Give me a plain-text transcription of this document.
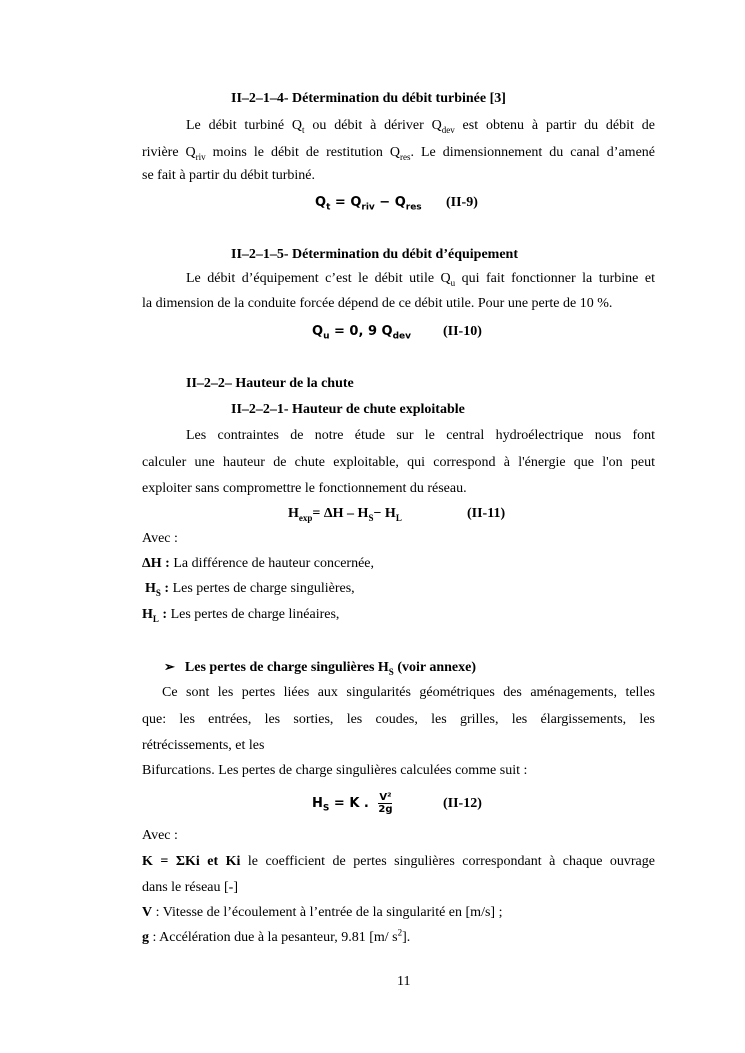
II–2–1–4- Détermination du débit turbinée [3]
Le débit turbiné $Q_t$ ou débit à dériver $Q_{dev}$ est obtenu à partir du débit de
rivière $Q_{riv}$ moins le débit de restitution $Q_{res}$. Le dimensionnement du canal d’amené
se fait à partir du débit turbiné.
$Q_t = Q_{riv} - Q_{res}$ (II-9)
II–2–1–5- Détermination du débit d’équipement
Le débit d’équipement c’est le débit utile $Q_u$ qui fait fonctionner la turbine et
la dimension de la conduite forcée dépend de ce débit utile. Pour une perte de 10 %.
$Q_u = 0$, 9 $Q_{dev}$ (II-10)
II–2–2– Hauteur de la chute
II–2–2–1- Hauteur de chute exploitable
Les contraintes de notre étude sur le central hydroélectrique nous font
calculer une hauteur de chute exploitable, qui correspond à l'énergie que l'on peut
exploiter sans compromettre le fonctionnement du réseau.
$H_{exp}= \Delta H - H_S- H_L$	(II-11)
Avec :
ΔH : La différence de hauteur concernée,
$H_S$ : Les pertes de charge singulières,
$H_L$ : Les pertes de charge linéaires,
➢ Les pertes de charge singulières $H_S$ (voir annexe)
Ce sont les pertes liées aux singularités géométriques des aménagements, telles
que: les entrées, les sorties, les coudes, les grilles, les élargissements, les
rétrécissements, et les
Bifurcations. Les pertes de charge singulières calculées comme suit :
$H_S = K$ . $\frac{\text{V²}}{2g}$	(II-12)
Avec :
K = ΣKi et Ki le coefficient de pertes singulières correspondant à chaque ouvrage
dans le réseau [-]
V : Vitesse de l’écoulement à l’entrée de la singularité en [m/s] ;
g : Accélération due à la pesanteur, 9.81 [m/ $s^2$].
11
